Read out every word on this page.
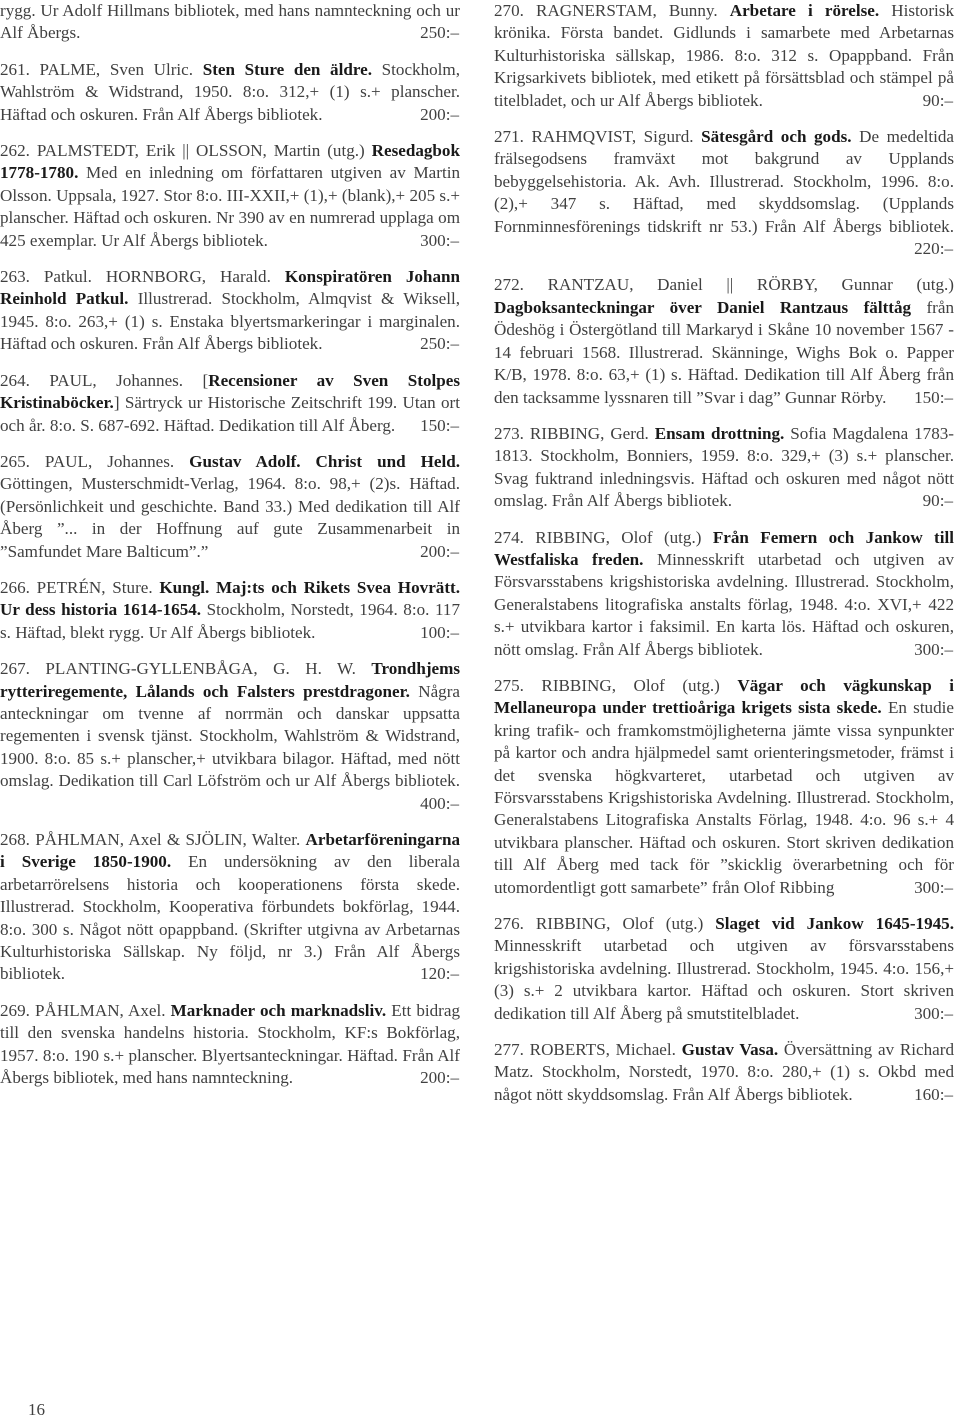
rygg. Ur Adolf Hillmans bibliotek, med hans namnteckning och ur Alf Åbergs.	250:–

261. PALME, Sven Ulric. Sten Sture den äldre. Stockholm, Wahlström & Widstrand, 1950. 8:o. 312,+ (1) s.+ planscher. Häftad och oskuren. Från Alf Åbergs bibliotek.	200:–

262. PALMSTEDT, Erik || OLSSON, Martin (utg.) Resedagbok 1778-1780. Med en inledning om författaren utgiven av Martin Olsson. Uppsala, 1927. Stor 8:o. III-XXII,+ (1),+ (blank),+ 205 s.+ planscher. Häftad och oskuren. Nr 390 av en numrerad upplaga om 425 exemplar. Ur Alf Åbergs bibliotek.	300:–

263. Patkul. HORNBORG, Harald. Konspiratören Johann Reinhold Patkul. Illustrerad. Stockholm, Almqvist & Wiksell, 1945. 8:o. 263,+ (1) s. Enstaka blyertsmarkeringar i marginalen. Häftad och oskuren. Från Alf Åbergs bibliotek.	250:–

264. PAUL, Johannes. [Recensioner av Sven Stolpes Kristinaböcker.] Särtryck ur Historische Zeitschrift 199. Utan ort och år. 8:o. S. 687-692. Häftad. Dedikation till Alf Åberg. 150:–

265. PAUL, Johannes. Gustav Adolf. Christ und Held. Göttingen, Musterschmidt-Verlag, 1964. 8:o. 98,+ (2)s. Häftad. (Persönlichkeit und geschichte. Band 33.) Med dedikation till Alf Åberg ”... in der Hoffnung auf gute Zusammenarbeit in ”Samfundet Mare Balticum”.”	200:–

266. PETRÉN, Sture. Kungl. Maj:ts och Rikets Svea Hovrätt. Ur dess historia 1614-1654. Stockholm, Norstedt, 1964. 8:o. 117 s. Häftad, blekt rygg. Ur Alf Åbergs bibliotek.	100:–

267. PLANTING-GYLLENBÅGA, G. H. W. Trondhjems rytteriregemente, Lålands och Falsters prestdragoner. Några anteckningar om tvenne af norrmän och danskar uppsatta regementen i svensk tjänst. Stockholm, Wahlström & Widstrand, 1900. 8:o. 85 s.+ planscher,+ utvikbara bilagor. Häftad, med nött omslag. Dedikation till Carl Löfström och ur Alf Åbergs bibliotek.400:–

268. PÅHLMAN, Axel & SJÖLIN, Walter. Arbetarföreningarna i Sverige 1850-1900. En undersökning av den liberala arbetarrörelsens historia och kooperationens första skede. Illustrerad. Stockholm, Kooperativa förbundets bokförlag, 1944. 8:o. 300 s. Något nött opappband. (Skrifter utgivna av Arbetarnas Kulturhistoriska Sällskap. Ny följd, nr 3.) Från Alf Åbergs bibliotek.	120:–

269. PÅHLMAN, Axel. Marknader och marknadsliv. Ett bidrag till den svenska handelns historia. Stockholm, KF:s Bokförlag, 1957. 8:o. 190 s.+ planscher. Blyertsanteckningar. Häftad. Från Alf Åbergs bibliotek, med hans namnteckning.	200:–

270. RAGNERSTAM, Bunny. Arbetare i rörelse. Historisk krönika. Första bandet. Gidlunds i samarbete med Arbetarnas Kulturhistoriska sällskap, 1986. 8:o. 312 s. Opappband. Från Krigsarkivets bibliotek, med etikett på försättsblad och stämpel på titelbladet, och ur Alf Åbergs bibliotek.	90:–

271. RAHMQVIST, Sigurd. Sätesgård och gods. De medeltida frälsegodsens framväxt mot bakgrund av Upplands bebyggelsehistoria. Ak. Avh. Illustrerad. Stockholm, 1996. 8:o. (2),+ 347 s. Häftad, med skyddsomslag. (Upplands Fornminnesförenings tidskrift nr 53.) Från Alf Åbergs bibliotek.220:–

272. RANTZAU, Daniel || RÖRBY, Gunnar (utg.) Dagboksanteckningar över Daniel Rantzaus fälttåg från Ödeshög i Östergötland till Markaryd i Skåne 10 november 1567 - 14 februari 1568. Illustrerad. Skänninge, Wighs Bok o. Papper K/B, 1978. 8:o. 63,+ (1) s. Häftad. Dedikation till Alf Åberg från den tacksamme lyssnaren till ”Svar i dag” Gunnar Rörby. 150:–

273. RIBBING, Gerd. Ensam drottning. Sofia Magdalena 1783-1813. Stockholm, Bonniers, 1959. 8:o. 329,+ (3) s.+ planscher. Svag fuktrand inledningsvis. Häftad och oskuren med något nött omslag. Från Alf Åbergs bibliotek.	90:–

274. RIBBING, Olof (utg.) Från Femern och Jankow till Westfaliska freden. Minnesskrift utarbetad och utgiven av Försvarsstabens krigshistoriska avdelning. Illustrerad. Stockholm, Generalstabens litografiska anstalts förlag, 1948. 4:o. XVI,+ 422 s.+ utvikbara kartor i faksimil. En karta lös. Häftad och oskuren, nött omslag. Från Alf Åbergs bibliotek.	300:–

275. RIBBING, Olof (utg.) Vägar och vägkunskap i Mellaneuropa under trettioåriga krigets sista skede. En studie kring trafik- och framkomstmöjligheterna jämte vissa synpunkter på kartor och andra hjälpmedel samt orienteringsmetoder, främst i det svenska högkvarteret, utarbetad och utgiven av Försvarsstabens Krigshistoriska Avdelning. Illustrerad. Stockholm, Generalstabens Litografiska Anstalts Förlag, 1948. 4:o. 96 s.+ 4 utvikbara planscher. Häftad och oskuren. Stort skriven dedikation till Alf Åberg med tack för ”skicklig överarbetning och för utomordentligt gott samarbete” från Olof Ribbing	300:–

276. RIBBING, Olof (utg.) Slaget vid Jankow 1645-1945. Minnesskrift utarbetad och utgiven av försvarsstabens krigshistoriska avdelning. Illustrerad. Stockholm, 1945. 4:o. 156,+ (3) s.+ 2 utvikbara kartor. Häftad och oskuren. Stort skriven dedikation till Alf Åberg på smutstitelbladet.	300:–

277. ROBERTS, Michael. Gustav Vasa. Översättning av Richard Matz. Stockholm, Norstedt, 1970. 8:o. 280,+ (1) s. Okbd med något nött skyddsomslag. Från Alf Åbergs bibliotek.	160:–

16
